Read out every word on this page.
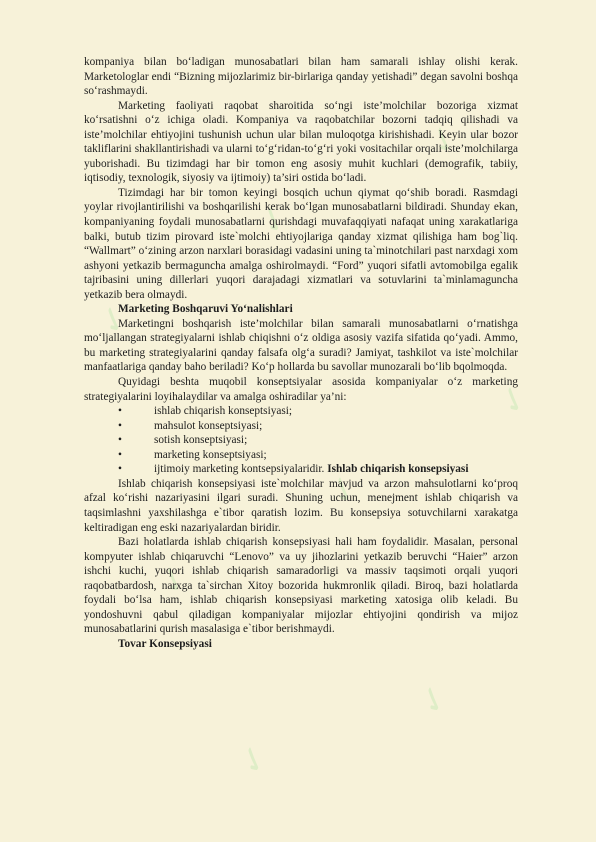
✓
✓
✓
✓
✓
✓
✓
✓

kompaniya bilan bo‘ladigan munosabatlari bilan ham samarali ishlay olishi kerak. Marketologlar endi “Bizning mijozlarimiz bir-birlariga qanday yetishadi” degan savolni boshqa so‘rashmaydi.

Marketing faoliyati raqobat sharoitida so‘ngi iste’molchilar bozoriga xizmat ko‘rsatishni o‘z ichiga oladi. Kompaniya va raqobatchilar bozorni tadqiq qilishadi va iste’molchilar ehtiyojini tushunish uchun ular bilan muloqotga kirishishadi. Keyin ular bozor takliflarini shakllantirishadi va ularni to‘g‘ridan-to‘g‘ri yoki vositachilar orqali iste’molchilarga yuborishadi. Bu tizimdagi har bir tomon eng asosiy muhit kuchlari (demografik, tabiiy, iqtisodiy, texnologik, siyosiy va ijtimoiy) ta’siri ostida bo‘ladi.

Tizimdagi har bir tomon keyingi bosqich uchun qiymat qo‘shib boradi. Rasmdagi yoylar rivojlantirilishi va boshqarilishi kerak bo‘lgan munosabatlarni bildiradi. Shunday ekan, kompaniyaning foydali munosabatlarni qurishdagi muvafaqqiyati nafaqat uning xarakatlariga balki, butub tizim pirovard iste`molchi ehtiyojlariga qanday xizmat qilishiga ham bog`liq. “Wallmart” o‘zining arzon narxlari borasidagi vadasini uning ta`minotchilari past narxdagi xom ashyoni yetkazib bermaguncha amalga oshirolmaydi. “Ford” yuqori sifatli avtomobilga egalik tajribasini uning dillerlari yuqori darajadagi xizmatlari va sotuvlarini ta`minlamaguncha yetkazib bera olmaydi.

Marketing Boshqaruvi Yo‘nalishlari

Marketingni boshqarish iste’molchilar bilan samarali munosabatlarni o‘rnatishga mo‘ljallangan strategiyalarni ishlab chiqishni o‘z oldiga asosiy vazifa sifatida qo‘yadi. Ammo, bu marketing strategiyalarini qanday falsafa olg‘a suradi? Jamiyat, tashkilot va iste`molchilar manfaatlariga qanday baho beriladi? Ko‘p hollarda bu savollar munozarali bo‘lib bqolmoqda.

Quyidagi beshta muqobil konseptsiyalar asosida kompaniyalar o‘z marketing strategiyalarini loyihalaydilar va amalga oshiradilar ya’ni:

•	ishlab chiqarish konseptsiyasi;
•	mahsulot konseptsiyasi;
•	sotish konseptsiyasi;
•	marketing konseptsiyasi;
•	ijtimoiy marketing kontsepsiyalaridir. Ishlab chiqarish konsepsiyasi

Ishlab chiqarish konsepsiyasi iste`molchilar mavjud va arzon mahsulotlarni ko‘proq afzal ko‘rishi nazariyasini ilgari suradi. Shuning uchun, menejment ishlab chiqarish va taqsimlashni yaxshilashga e`tibor qaratish lozim. Bu konsepsiya sotuvchilarni xarakatga keltiradigan eng eski nazariyalardan biridir.

Bazi holatlarda ishlab chiqarish konsepsiyasi hali ham foydalidir. Masalan, personal kompyuter ishlab chiqaruvchi “Lenovo” va uy jihozlarini yetkazib beruvchi “Haier” arzon ishchi kuchi, yuqori ishlab chiqarish samaradorligi va massiv taqsimoti orqali yuqori raqobatbardosh, narxga ta`sirchan Xitoy bozorida hukmronlik qiladi. Biroq, bazi holatlarda foydali bo‘lsa ham, ishlab chiqarish konsepsiyasi marketing xatosiga olib keladi. Bu yondoshuvni qabul qiladigan kompaniyalar mijozlar ehtiyojini qondirish va mijoz munosabatlarini qurish masalasiga e`tibor berishmaydi.

Tovar Konsepsiyasi
